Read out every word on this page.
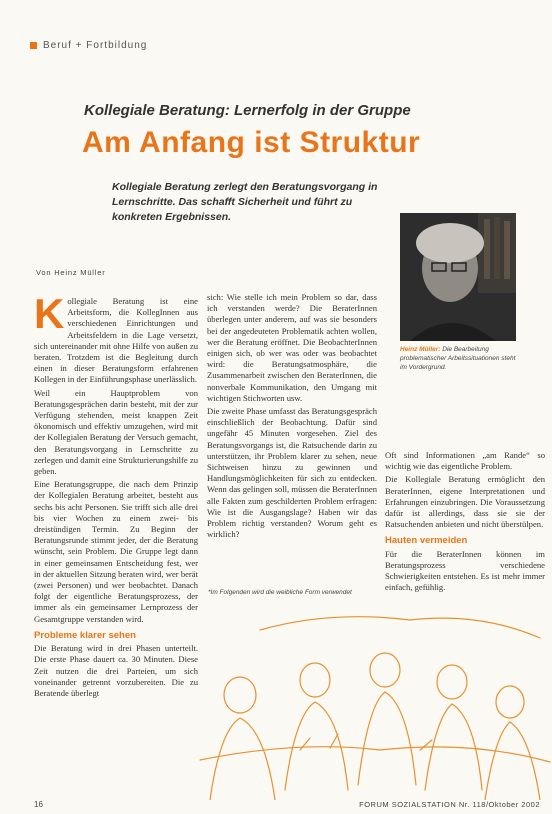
Beruf + Fortbildung
Kollegiale Beratung: Lernerfolg in der Gruppe
Am Anfang ist Struktur
Kollegiale Beratung zerlegt den Beratungsvorgang in Lernschritte. Das schafft Sicherheit und führt zu konkreten Ergebnissen.
Heinz Müller: Die Bearbeitung problematischer Arbeitssituationen steht im Vordergrund.
Von Heinz Müller

Kollegiale Beratung ist eine Arbeitsform, die KollegInnen aus verschiedenen Einrichtungen und Arbeitsfeldern in die Lage versetzt, sich untereinander mit ohne Hilfe von außen zu beraten. Trotzdem ist die Begleitung durch einen in dieser Beratungsform erfahrenen Kollegen in der Einführungsphase unerlässlich.

Weil ein Hauptproblem von Beratungsgesprächen darin besteht, mit der zur Verfügung stehenden, meist knappen Zeit ökonomisch und effektiv umzugehen, wird mit der Kollegialen Beratung der Versuch gemacht, den Beratungsvorgang in Lernschritte zu zerlegen und damit eine Strukturierungshilfe zu geben.

Eine Beratungsgruppe, die nach dem Prinzip der Kollegialen Beratung arbeitet, besteht aus sechs bis acht Personen. Sie trifft sich alle drei bis vier Wochen zu einem zwei- bis dreistündigen Termin. Zu Beginn der Beratungsrunde stimmt jeder, der die Beratung wünscht, sein Problem. Die Gruppe legt dann in einer gemeinsamen Entscheidung fest, wer in der aktuellen Sitzung beraten wird, wer berät (zwei Personen) und wer beobachtet. Danach folgt der eigentliche Beratungsprozess, der immer als ein gemeinsamer Lernprozess der Gesamtgruppe verstanden wird.

Probleme klarer sehen

Die Beratung wird in drei Phasen unterteilt. Die erste Phase dauert ca. 30 Minuten. Diese Zeit nutzen die drei Parteien, um sich voneinander getrennt vorzubereiten. Die zu Beratende überlegt

sich: Wie stelle ich mein Problem so dar, dass ich verstanden werde? Die BeraterInnen überlegen unter anderem, auf was sie besonders bei der angedeuteten Problematik achten wollen, wer die Beratung eröffnet. Die BeobachterInnen einigen sich, ob wer was oder was beobachtet wird: die Beratungsatmosphäre, die Zusammenarbeit zwischen den BeraterInnen, die nonverbale Kommunikation, den Umgang mit wichtigen Stichworten usw.

Die zweite Phase umfasst das Beratungsgespräch einschließlich der Beobachtung. Dafür sind ungefähr 45 Minuten vorgesehen. Ziel des Beratungsvorgangs ist, die Ratsuchende darin zu unterstützen, ihr Problem klarer zu sehen, neue Sichtweisen hinzu zu gewinnen und Handlungsmöglichkeiten für sich zu entdecken. Wenn das gelingen soll, müssen die BeraterInnen alle Fakten zum geschilderten Problem erfragen: Wie ist die Ausgangslage? Haben wir das Problem richtig verstanden? Worum geht es wirklich?

*Im Folgenden wird die weibliche Form verwendet

Oft sind Informationen „am Rande“ so wichtig wie das eigentliche Problem.

Die Kollegiale Beratung ermöglicht den BeraterInnen, eigene Interpretationen und Erfahrungen einzubringen. Die Voraussetzung dafür ist allerdings, dass sie sie der Ratsuchenden anbieten und nicht überstülpen.

Hauten vermeiden

Für die BeraterInnen können im Beratungsprozess verschiedene Schwierigkeiten entstehen. Es ist mehr immer einfach, gefühlig.

16	FORUM SOZIALSTATION Nr. 118/Oktober 2002
